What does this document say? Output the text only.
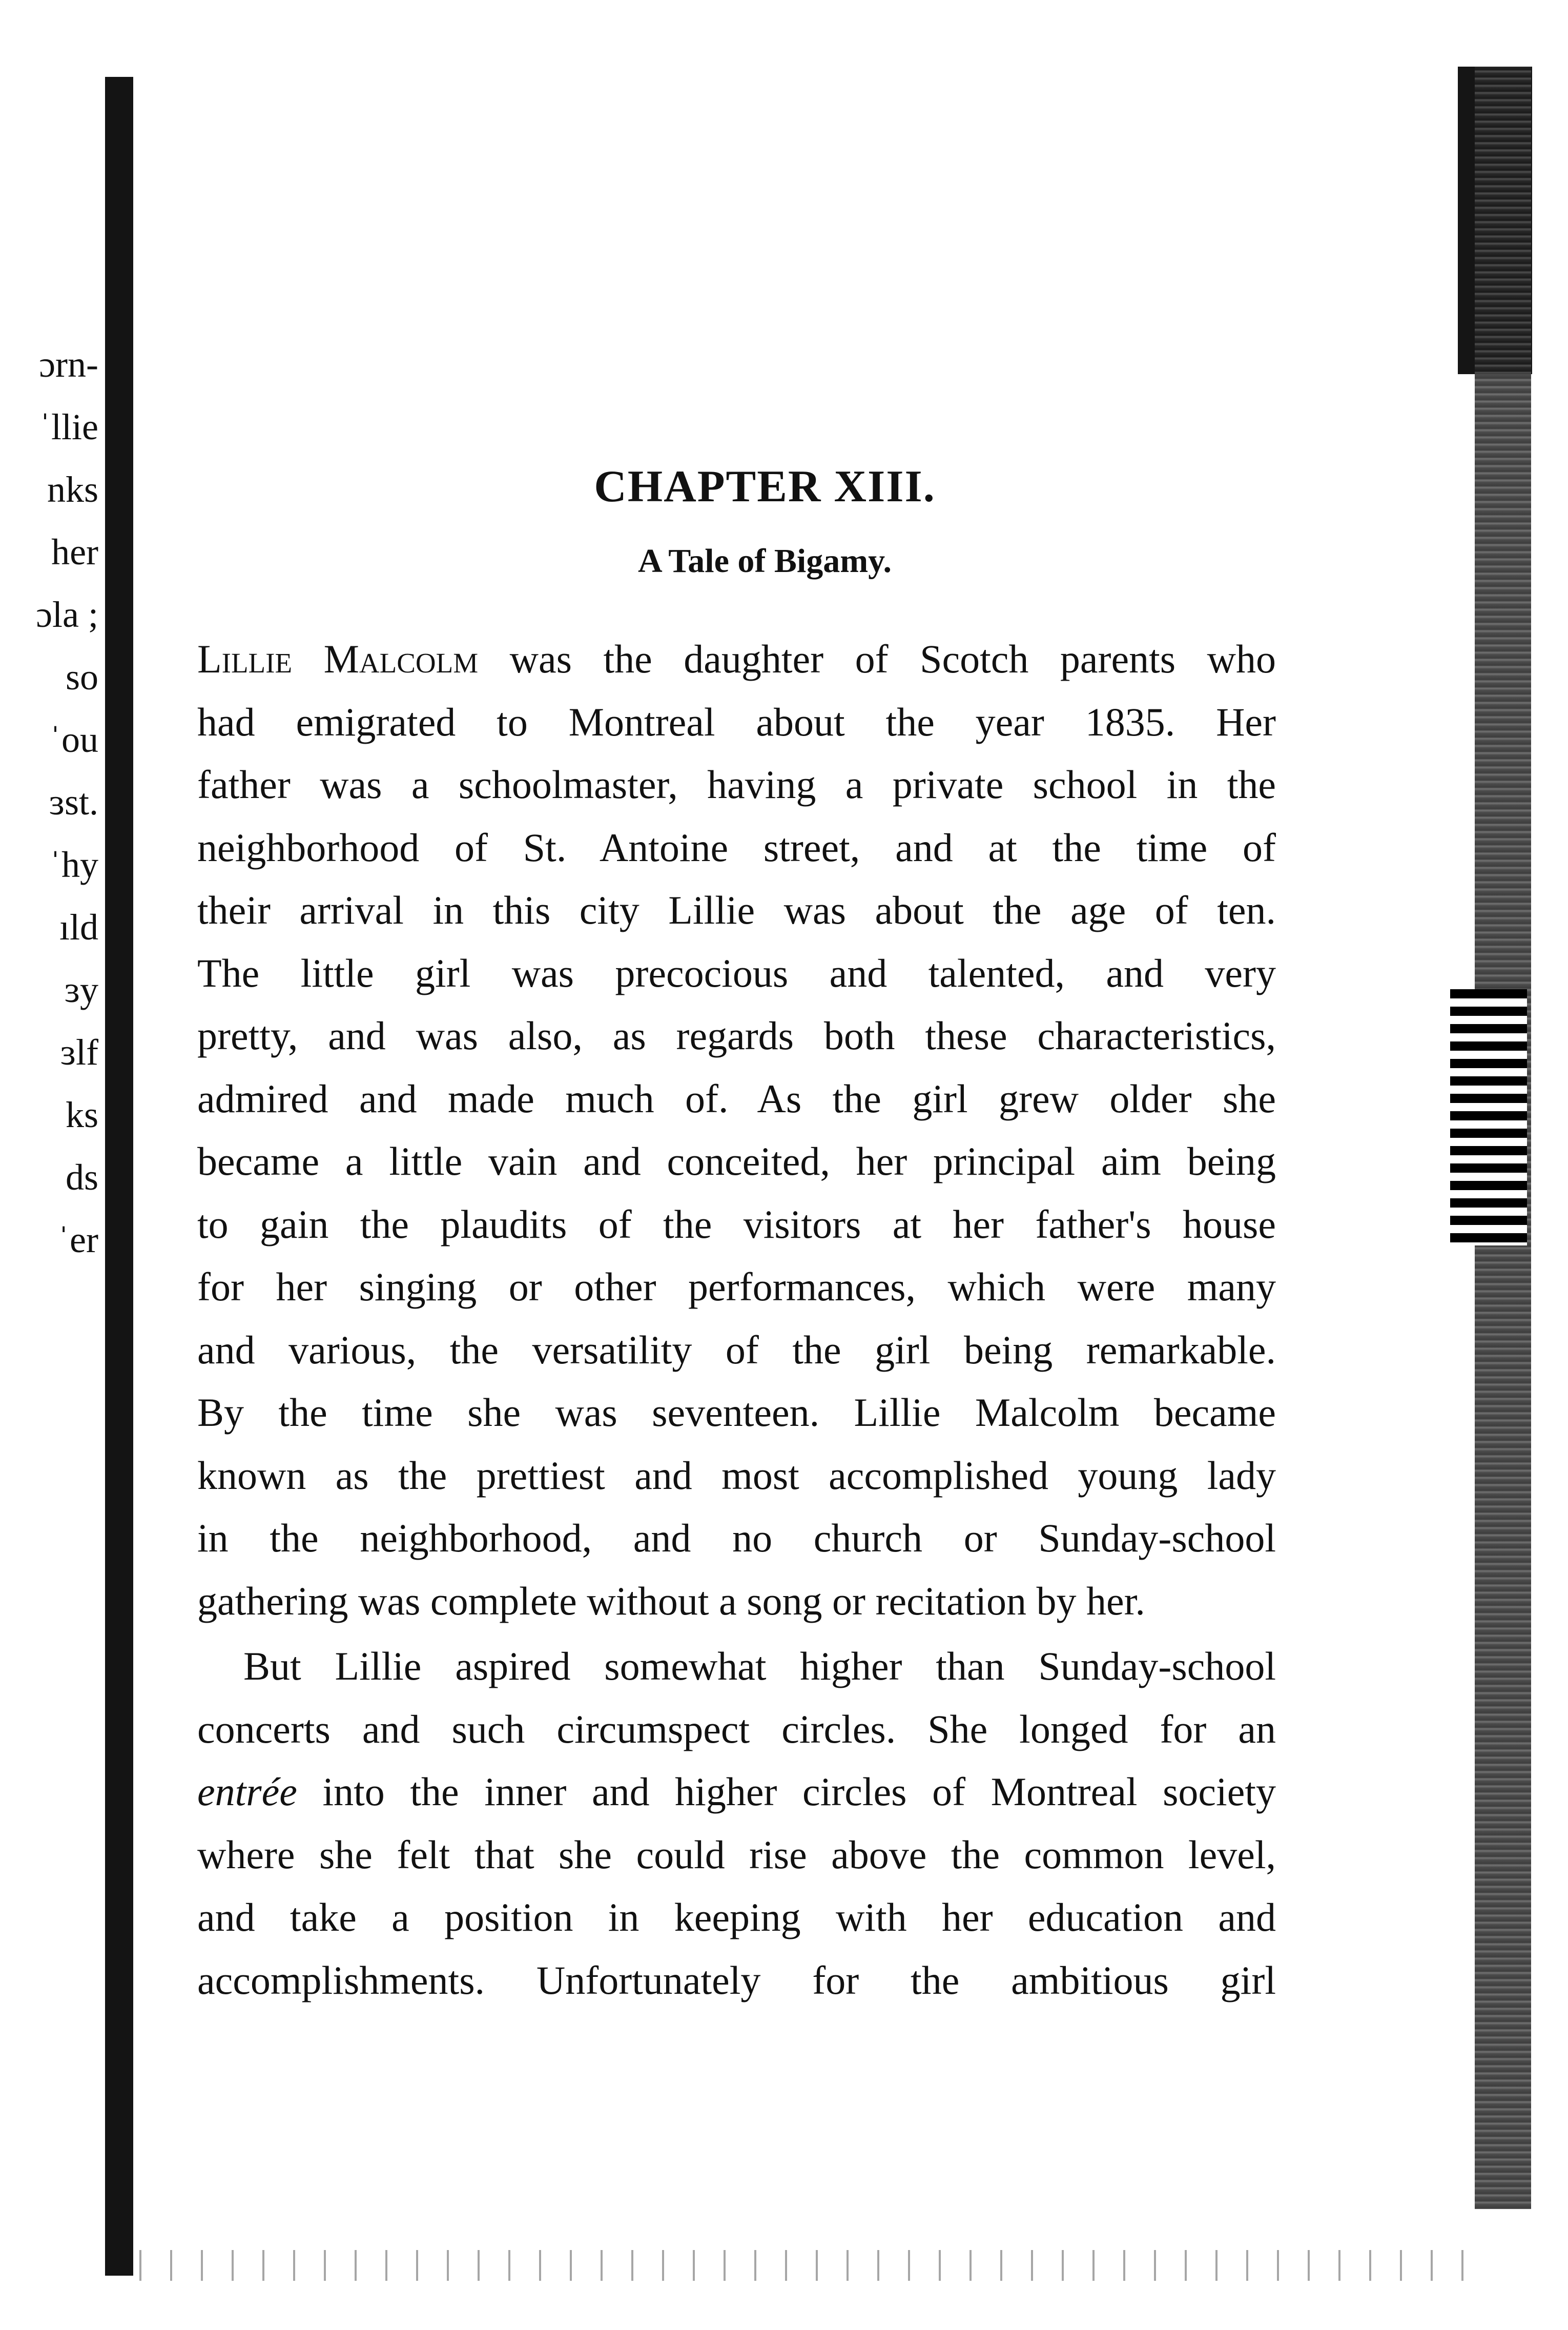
ɔrn-
ˈllie
nks
her
ɔla ;
so
ˈou
ɜst.
ˈhy
ıld
ɜy
ɜlf
ks
ds
ˈer
CHAPTER XIII.
A Tale of Bigamy.

Lillie Malcolm was the daughter of Scotch parents who
had emigrated to Montreal about the year 1835. Her
father was a schoolmaster, having a private school in the
neighborhood of St. Antoine street, and at the time of
their arrival in this city Lillie was about the age of ten.
The little girl was precocious and talented, and very
pretty, and was also, as regards both these characteristics,
admired and made much of. As the girl grew older she
became a little vain and conceited, her principal aim being
to gain the plaudits of the visitors at her father's house
for her singing or other performances, which were many
and various, the versatility of the girl being remarkable.
By the time she was seventeen. Lillie Malcolm became
known as the prettiest and most accomplished young lady
in the neighborhood, and no church or Sunday-school
gathering was complete without a song or recitation by her.

But Lillie aspired somewhat higher than Sunday-school
concerts and such circumspect circles. She longed for an
entrée into the inner and higher circles of Montreal society
where she felt that she could rise above the common level,
and take a position in keeping with her education and
accomplishments. Unfortunately for the ambitious girl
